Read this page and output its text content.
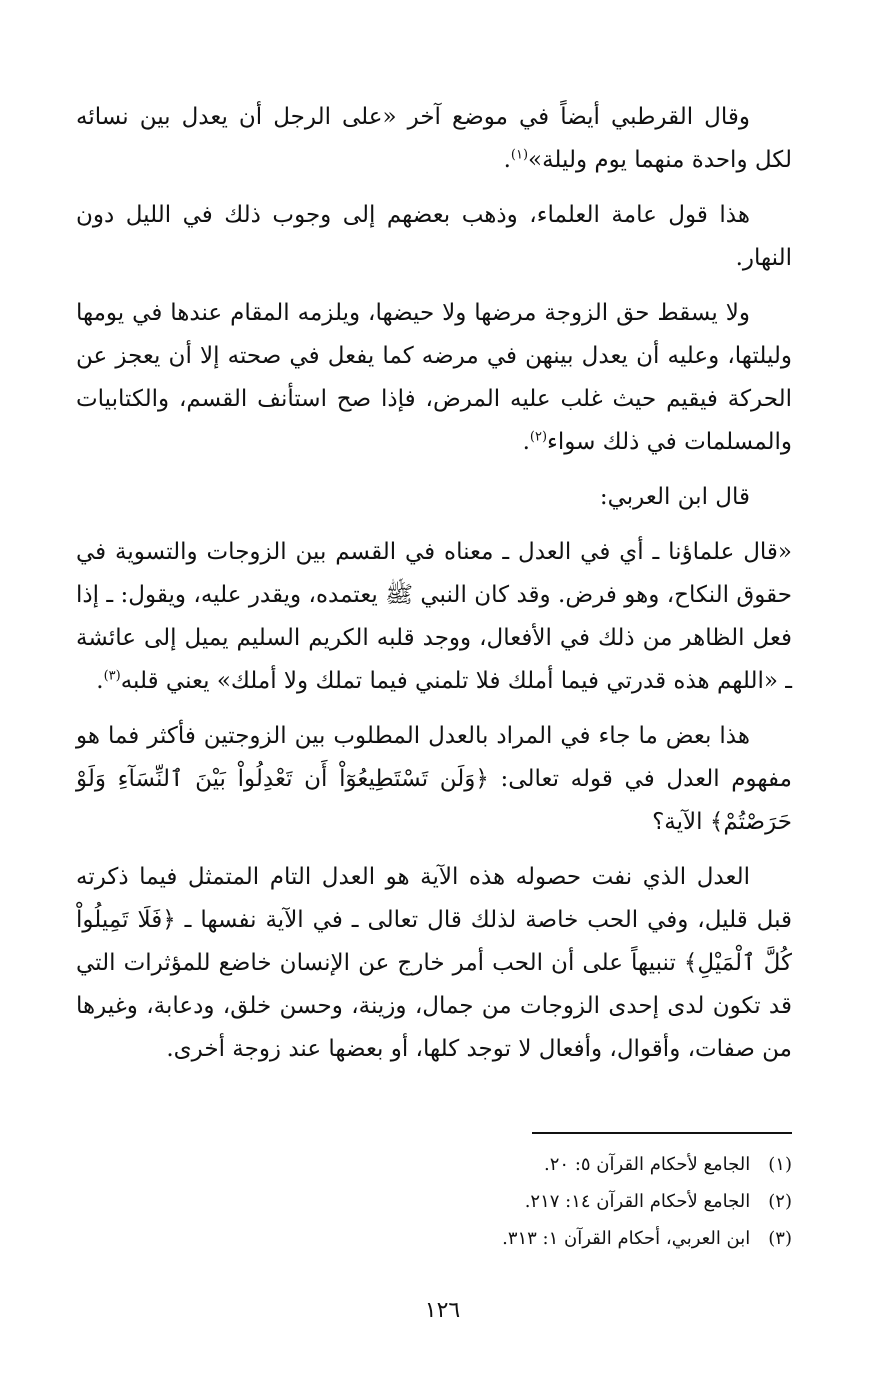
وقال القرطبي أيضاً في موضع آخر «على الرجل أن يعدل بين نسائه لكل واحدة منهما يوم وليلة»$^{(١)}$.

هذا قول عامة العلماء، وذهب بعضهم إلى وجوب ذلك في الليل دون النهار.

ولا يسقط حق الزوجة مرضها ولا حيضها، ويلزمه المقام عندها في يومها وليلتها، وعليه أن يعدل بينهن في مرضه كما يفعل في صحته إلا أن يعجز عن الحركة فيقيم حيث غلب عليه المرض، فإذا صح استأنف القسم، والكتابيات والمسلمات في ذلك سواء$^{(٢)}$.

قال ابن العربي:

«قال علماؤنا ـ أي في العدل ـ معناه في القسم بين الزوجات والتسوية في حقوق النكاح، وهو فرض. وقد كان النبي ﷺ يعتمده، ويقدر عليه، ويقول: ـ إذا فعل الظاهر من ذلك في الأفعال، ووجد قلبه الكريم السليم يميل إلى عائشة ـ «اللهم هذه قدرتي فيما أملك فلا تلمني فيما تملك ولا أملك» يعني قلبه$^{(٣)}$.

هذا بعض ما جاء في المراد بالعدل المطلوب بين الزوجتين فأكثر فما هو مفهوم العدل في قوله تعالى: ﴿وَلَن تَسْتَطِيعُوٓاْ أَن تَعْدِلُواْ بَيْنَ ٱلنِّسَآءِ وَلَوْ حَرَصْتُمْ﴾ الآية؟

العدل الذي نفت حصوله هذه الآية هو العدل التام المتمثل فيما ذكرته قبل قليل، وفي الحب خاصة لذلك قال تعالى ـ في الآية نفسها ـ ﴿فَلَا تَمِيلُواْ كُلَّ ٱلْمَيْلِ﴾ تنبيهاً على أن الحب أمر خارج عن الإنسان خاضع للمؤثرات التي قد تكون لدى إحدى الزوجات من جمال، وزينة، وحسن خلق، ودعابة، وغيرها من صفات، وأقوال، وأفعال لا توجد كلها، أو بعضها عند زوجة أخرى.

(١) الجامع لأحكام القرآن ٥: ٢٠.

(٢) الجامع لأحكام القرآن ١٤: ٢١٧.

(٣) ابن العربي، أحكام القرآن ١: ٣١٣.

١٢٦
